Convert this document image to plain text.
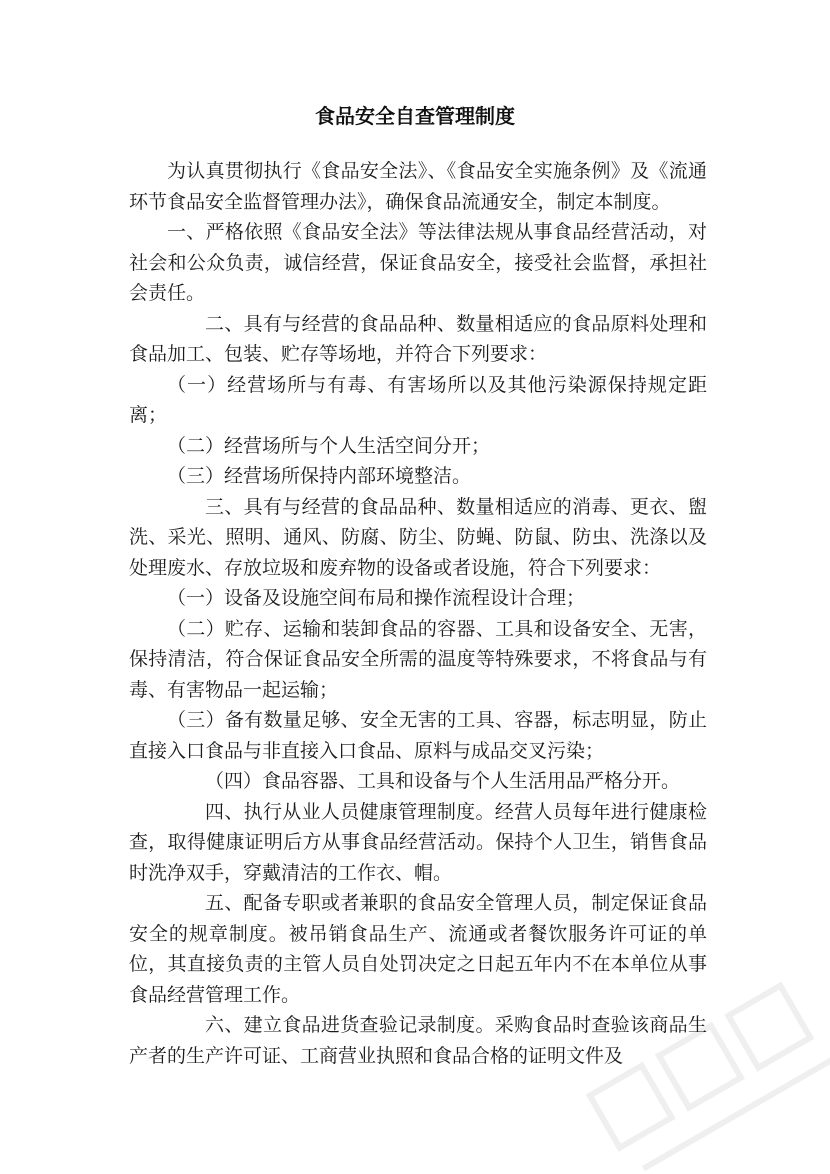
食品安全自查管理制度

为认真贯彻执行《食品安全法》、《食品安全实施条例》及《流通环节食品安全监督管理办法》，确保食品流通安全，制定本制度。

一、严格依照《食品安全法》等法律法规从事食品经营活动，对社会和公众负责，诚信经营，保证食品安全，接受社会监督，承担社会责任。

二、具有与经营的食品品种、数量相适应的食品原料处理和食品加工、包装、贮存等场地，并符合下列要求：

（一）经营场所与有毒、有害场所以及其他污染源保持规定距离；

（二）经营场所与个人生活空间分开；

（三）经营场所保持内部环境整洁。

三、具有与经营的食品品种、数量相适应的消毒、更衣、盥洗、采光、照明、通风、防腐、防尘、防蝇、防鼠、防虫、洗涤以及处理废水、存放垃圾和废弃物的设备或者设施，符合下列要求：

（一）设备及设施空间布局和操作流程设计合理；

（二）贮存、运输和装卸食品的容器、工具和设备安全、无害，保持清洁，符合保证食品安全所需的温度等特殊要求，不将食品与有毒、有害物品一起运输；

（三）备有数量足够、安全无害的工具、容器，标志明显，防止直接入口食品与非直接入口食品、原料与成品交叉污染；

（四）食品容器、工具和设备与个人生活用品严格分开。

四、执行从业人员健康管理制度。经营人员每年进行健康检查，取得健康证明后方从事食品经营活动。保持个人卫生，销售食品时洗净双手，穿戴清洁的工作衣、帽。

五、配备专职或者兼职的食品安全管理人员，制定保证食品安全的规章制度。被吊销食品生产、流通或者餐饮服务许可证的单位，其直接负责的主管人员自处罚决定之日起五年内不在本单位从事食品经营管理工作。

六、建立食品进货查验记录制度。采购食品时查验该商品生产者的生产许可证、工商营业执照和食品合格的证明文件及
